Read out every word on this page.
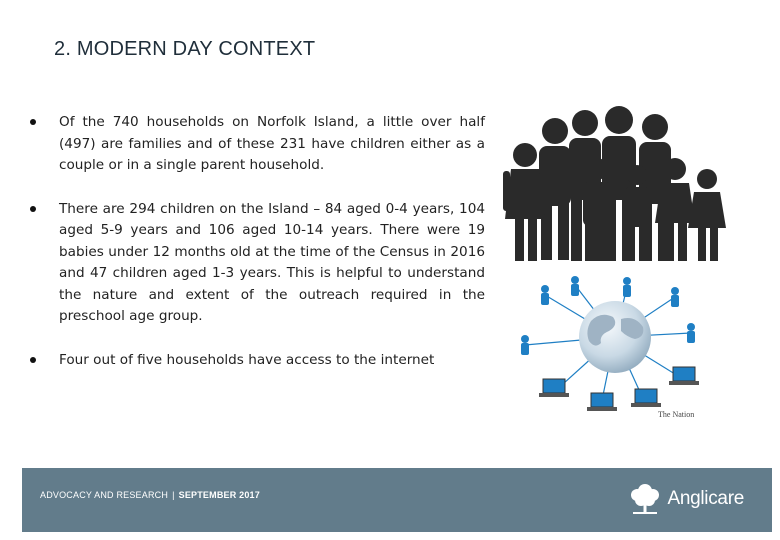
2. MODERN DAY CONTEXT

Of the 740 households on Norfolk Island, a little over half (497) are families and of these 231 have children either as a couple or in a single parent household.

There are 294 children on the Island – 84 aged 0-4 years, 104 aged 5-9 years and 106 aged 10-14 years. There were 19 babies under 12 months old at the time of the Census in 2016 and 47 children aged 1-3 years. This is helpful to understand the nature and extent of the outreach required in the preschool age group.

Four out of five households have access to the internet

The Nation
ADVOCACY AND RESEARCH | SEPTEMBER 2017	Anglicare
